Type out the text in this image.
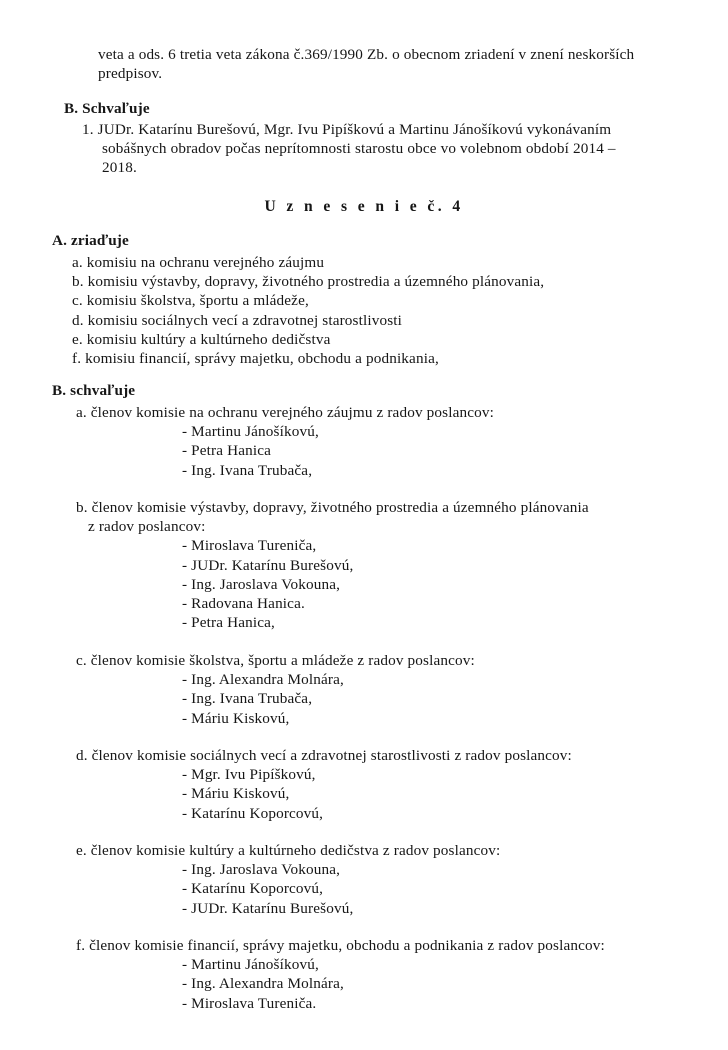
veta a ods. 6 tretia veta zákona č.369/1990 Zb. o obecnom zriadení v znení neskorších
predpisov.
B. Schvaľuje
1. JUDr. Katarínu Burešovú, Mgr. Ivu Pipíškovú a Martinu Jánošíkovú vykonávaním
sobášnych obradov počas neprítomnosti starostu obce vo volebnom období 2014 –
2018.
U z n e s e n i e č. 4
A. zriaďuje
a. komisiu na ochranu verejného záujmu
b. komisiu výstavby, dopravy, životného prostredia a územného plánovania,
c. komisiu školstva, športu a mládeže,
d. komisiu sociálnych vecí a zdravotnej starostlivosti
e. komisiu kultúry a kultúrneho dedičstva
f. komisiu financií, správy majetku, obchodu a podnikania,
B. schvaľuje
a. členov komisie na ochranu verejného záujmu z radov poslancov:
- Martinu Jánošíkovú,
- Petra Hanica
- Ing. Ivana Trubača,
b. členov komisie výstavby, dopravy, životného prostredia a územného plánovania
z radov poslancov:
- Miroslava Tureniča,
- JUDr. Katarínu Burešovú,
- Ing. Jaroslava Vokouna,
- Radovana Hanica.
- Petra Hanica,
c. členov komisie školstva, športu a mládeže z radov poslancov:
- Ing. Alexandra Molnára,
- Ing. Ivana Trubača,
- Máriu Kiskovú,
d. členov komisie sociálnych vecí a zdravotnej starostlivosti z radov poslancov:
- Mgr. Ivu Pipíškovú,
- Máriu Kiskovú,
- Katarínu Koporcovú,
e. členov komisie kultúry a kultúrneho dedičstva z radov poslancov:
- Ing. Jaroslava Vokouna,
- Katarínu Koporcovú,
- JUDr. Katarínu Burešovú,
f. členov komisie financií, správy majetku, obchodu a podnikania z radov poslancov:
- Martinu Jánošíkovú,
- Ing. Alexandra Molnára,
- Miroslava Tureniča.
